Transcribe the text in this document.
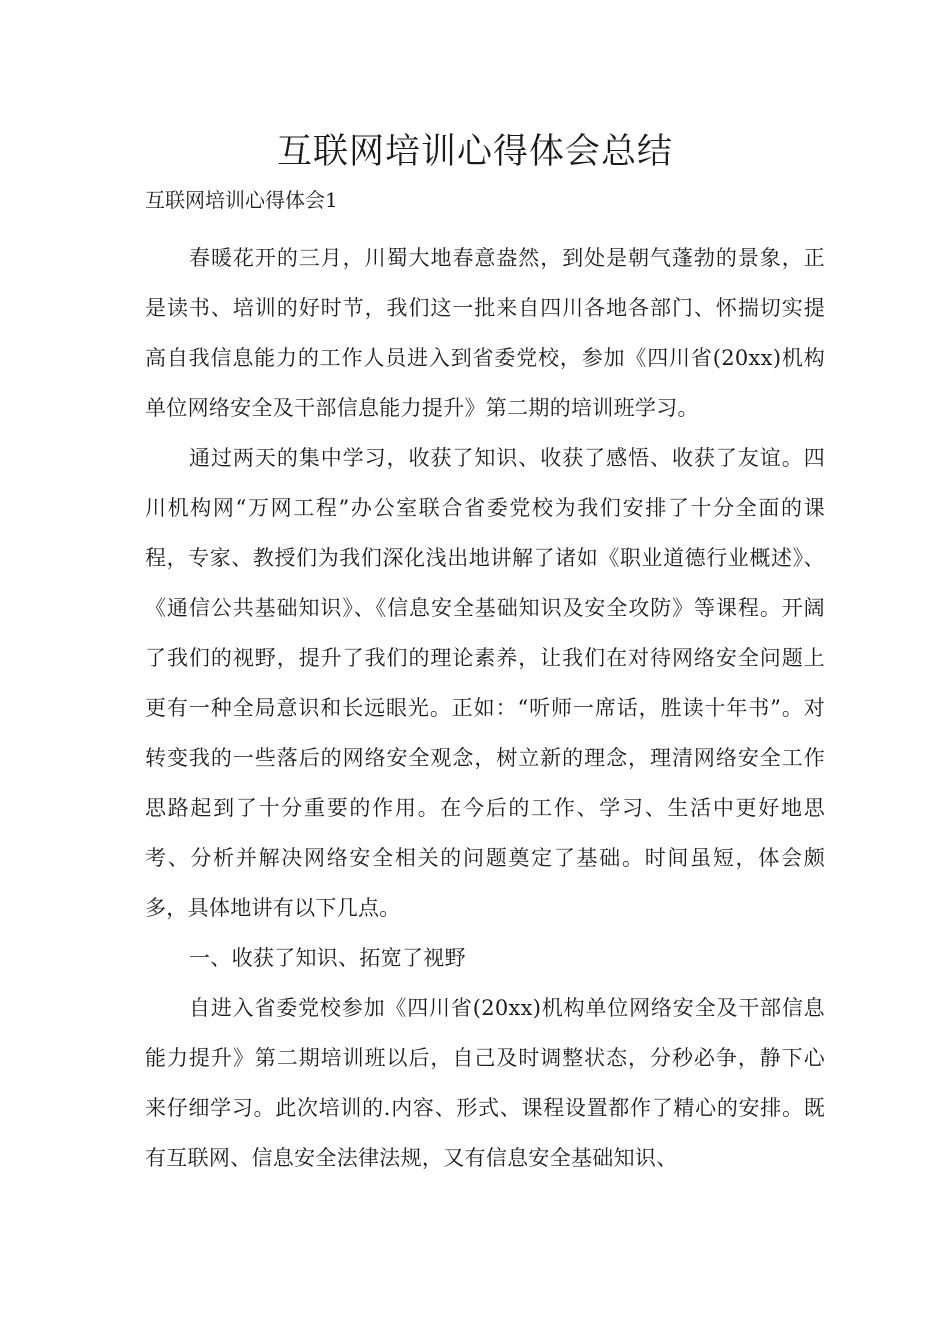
互联网培训心得体会总结

互联网培训心得体会1

春暖花开的三月，川蜀大地春意盎然，到处是朝气蓬勃的景象，正是读书、培训的好时节，我们这一批来自四川各地各部门、怀揣切实提高自我信息能力的工作人员进入到省委党校，参加《四川省(20xx)机构单位网络安全及干部信息能力提升》第二期的培训班学习。

通过两天的集中学习，收获了知识、收获了感悟、收获了友谊。四川机构网“万网工程”办公室联合省委党校为我们安排了十分全面的课程，专家、教授们为我们深化浅出地讲解了诸如《职业道德行业概述》、《通信公共基础知识》、《信息安全基础知识及安全攻防》等课程。开阔了我们的视野，提升了我们的理论素养，让我们在对待网络安全问题上更有一种全局意识和长远眼光。正如：“听师一席话，胜读十年书”。对转变我的一些落后的网络安全观念，树立新的理念，理清网络安全工作思路起到了十分重要的作用。在今后的工作、学习、生活中更好地思考、分析并解决网络安全相关的问题奠定了基础。时间虽短，体会颇多，具体地讲有以下几点。

一、收获了知识、拓宽了视野

自进入省委党校参加《四川省(20xx)机构单位网络安全及干部信息能力提升》第二期培训班以后，自己及时调整状态，分秒必争，静下心来仔细学习。此次培训的.内容、形式、课程设置都作了精心的安排。既有互联网、信息安全法律法规，又有信息安全基础知识、
